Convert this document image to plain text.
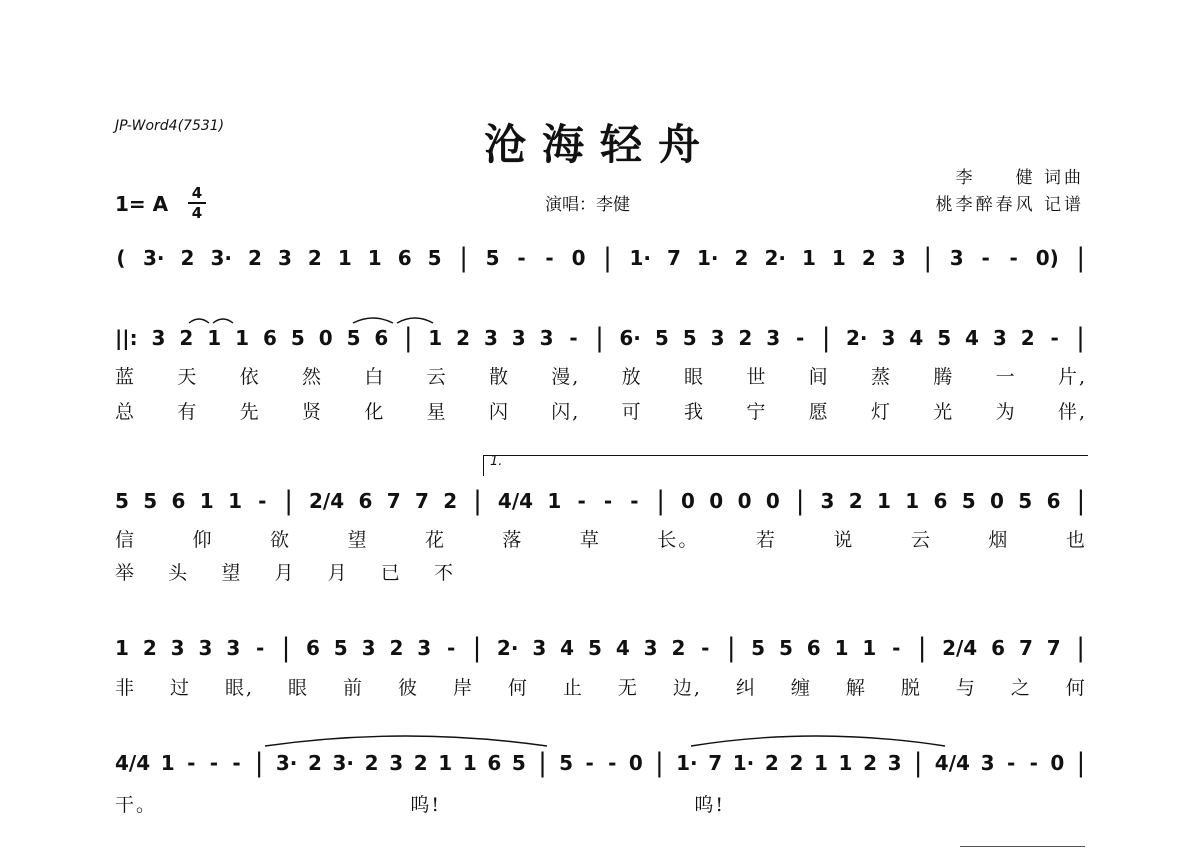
JP-Word4(7531)	沧海轻舟
李　　健 词曲
桃李醉春风 记谱
1= A	4
4	演唱：李健
( 3· 2 3· 2 3 2 1 1 6 5 | 5 - - 0 | 1· 7 1· 2 2· 1 1 2 3 | 3 - - 0) |
||: 3 2 1 1 6 5 0 5 6 | 1 2 3 3 3 - | 6· 5 5 3 2 3 - | 2· 3 4 5 4 3 2 - |
蓝 天 依 然 白 云 散 漫, 放 眼 世 间 蒸 腾 一 片,
总 有 先 贤 化 星 闪 闪, 可 我 宁 愿 灯 光 为 伴,
1.
5 5 6 1 1 - | 2/4 6 7 7 2 | 4/4 1 - - - | 0 0 0 0 | 3 2 1 1 6 5 0 5 6 |
信	仰	欲	望	花	落	草	长。	若	说	云	烟	也
举 头 望 月 月 已 不
1 2 3 3 3 - | 6 5 3 2 3 - | 2· 3 4 5 4 3 2 - | 5 5 6 1 1 - | 2/4 6 7 7 |
非 过 眼, 眼 前 彼 岸 何 止 无 边, 纠 缠 解 脱 与 之 何
4/4 1 - - - | 3· 2 3· 2 3 2 1 1 6 5 | 5 - - 0 | 1· 7 1· 2 2 1 1 2 3 | 4/4 3 - - 0 |
干。	呜!	呜!
